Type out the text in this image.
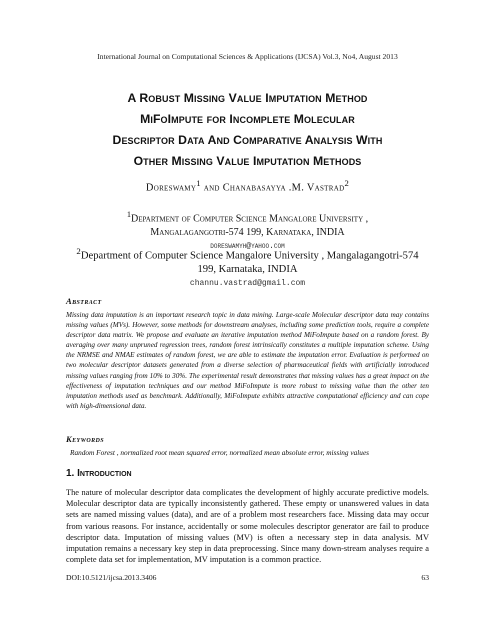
International Journal on Computational Sciences & Applications (IJCSA) Vol.3, No4, August 2013
A Robust Missing Value Imputation Method
MiFoImpute for Incomplete Molecular
Descriptor Data And Comparative Analysis With
Other Missing Value Imputation Methods
Doreswamy$^1$ and Chanabasayya .M. Vastrad$^2$
$^1$Department of Computer Science Mangalore University ,
Mangalagangotri-574 199, Karnataka, INDIA
doreswamyh@yahoo.com
$^2$Department of Computer Science Mangalore University , Mangalagangotri-574
199, Karnataka, INDIA
channu.vastrad@gmail.com
Abstract
Missing data imputation is an important research topic in data mining. Large-scale Molecular descriptor data may contains missing values (MVs). However, some methods for downstream analyses, including some prediction tools, require a complete descriptor data matrix. We propose and evaluate an iterative imputation method MiFoImpute based on a random forest. By averaging over many unpruned regression trees, random forest intrinsically constitutes a multiple imputation scheme. Using the NRMSE and NMAE estimates of random forest, we are able to estimate the imputation error. Evaluation is performed on two molecular descriptor datasets generated from a diverse selection of pharmaceutical fields with artificially introduced missing values ranging from 10% to 30%. The experimental result demonstrates that missing values has a great impact on the effectiveness of imputation techniques and our method MiFoImpute is more robust to missing value than the other ten imputation methods used as benchmark. Additionally, MiFoImpute exhibits attractive computational efficiency and can cope with high-dimensional data.
Keywords
Random Forest , normalized root mean squared error, normalized mean absolute error, missing values
1. Introduction
The nature of molecular descriptor data complicates the development of highly accurate predictive models. Molecular descriptor data are typically inconsistently gathered. These empty or unanswered values in data sets are named missing values (data), and are of a problem most researchers face. Missing data may occur from various reasons. For instance, accidentally or some molecules descriptor generator are fail to produce descriptor data. Imputation of missing values (MV) is often a necessary step in data analysis. MV imputation remains a necessary key step in data preprocessing. Since many down-stream analyses require a complete data set for implementation, MV imputation is a common practice.
DOI:10.5121/ijcsa.2013.3406	63
